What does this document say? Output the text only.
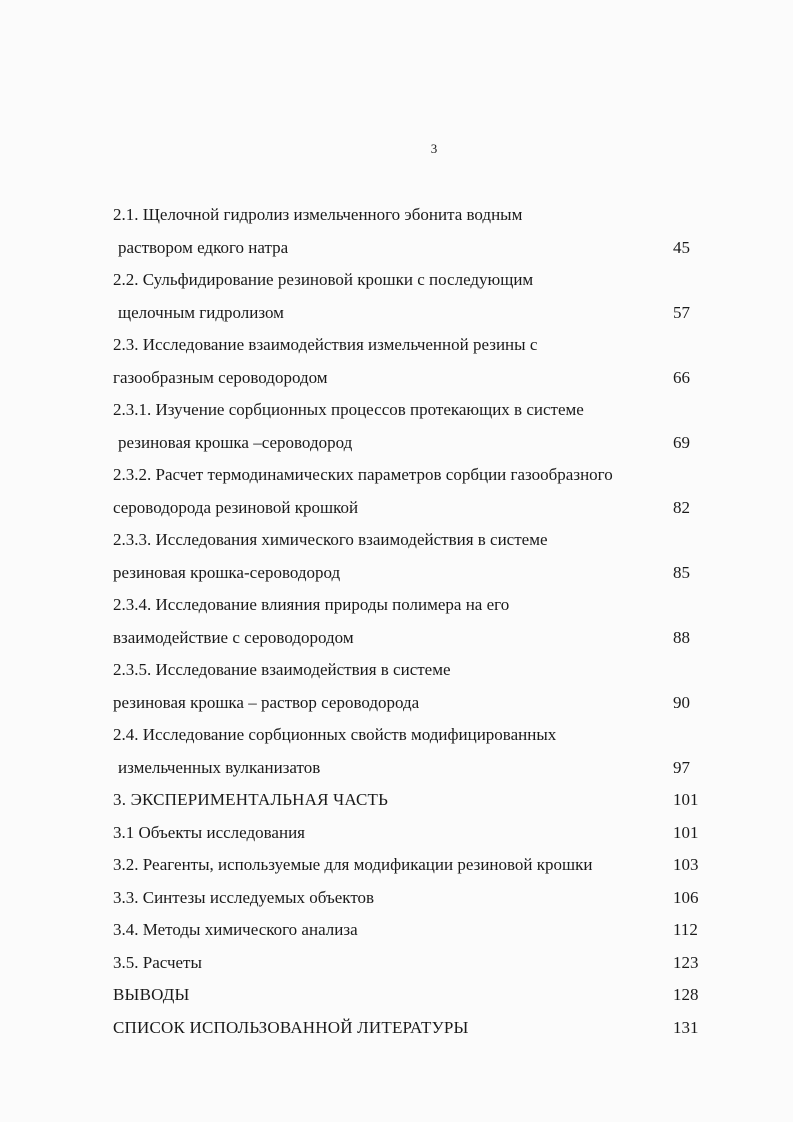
3
2.1. Щелочной гидролиз измельченного эбонита водным
раствором едкого натра	45
2.2. Сульфидирование резиновой крошки с последующим
щелочным гидролизом	57
2.3. Исследование взаимодействия измельченной резины с
газообразным сероводородом	66
2.3.1. Изучение сорбционных процессов протекающих в системе
резиновая крошка –сероводород	69
2.3.2. Расчет термодинамических параметров сорбции газообразного
сероводорода резиновой крошкой	82
2.3.3. Исследования химического взаимодействия в системе
резиновая крошка-сероводород	85
2.3.4. Исследование влияния природы полимера на его
взаимодействие с сероводородом	88
2.3.5. Исследование взаимодействия в системе
резиновая крошка – раствор сероводорода	90
2.4. Исследование сорбционных свойств модифицированных
измельченных вулканизатов	97
3. ЭКСПЕРИМЕНТАЛЬНАЯ ЧАСТЬ	101
3.1 Объекты исследования	101
3.2. Реагенты, используемые для модификации резиновой крошки	103
3.3. Синтезы исследуемых объектов	106
3.4. Методы химического анализа	112
3.5. Расчеты	123
ВЫВОДЫ	128
СПИСОК ИСПОЛЬЗОВАННОЙ ЛИТЕРАТУРЫ	131
